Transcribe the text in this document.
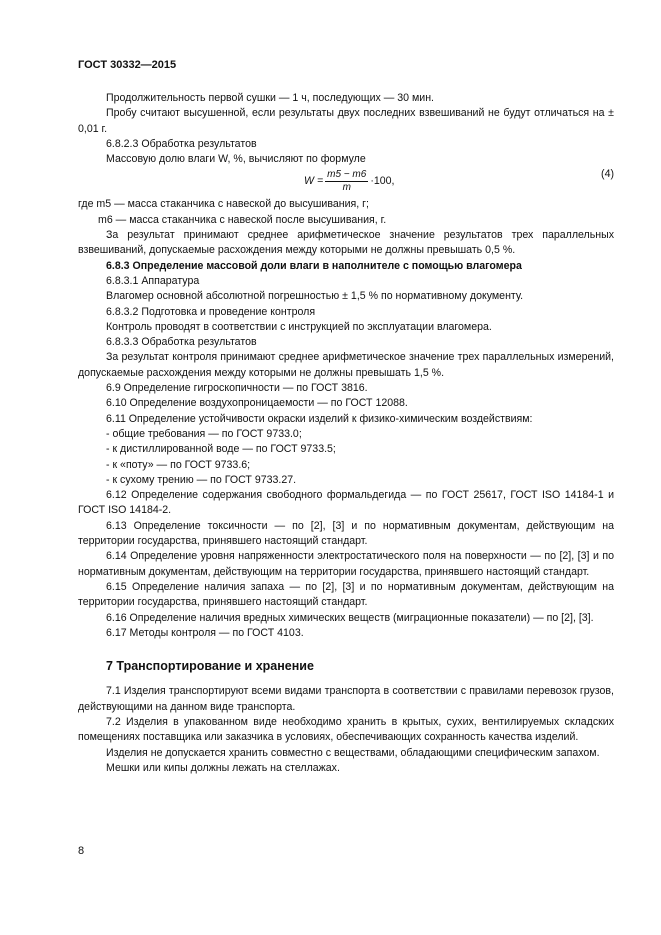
ГОСТ 30332—2015

Продолжительность первой сушки — 1 ч, последующих — 30 мин.

Пробу считают высушенной, если результаты двух последних взвешиваний не будут отличаться на ± 0,01 г.

6.8.2.3 Обработка результатов

Массовую долю влаги W, %, вычисляют по формуле

$W = \frac{m5 - m6}{m} \cdot 100$,
(4)

где m5 — масса стаканчика с навеской до высушивания, г;

m6 — масса стаканчика с навеской после высушивания, г.

За результат принимают среднее арифметическое значение результатов трех параллельных взвешиваний, допускаемые расхождения между которыми не должны превышать 0,5 %.

6.8.3 Определение массовой доли влаги в наполнителе с помощью влагомера

6.8.3.1 Аппаратура

Влагомер основной абсолютной погрешностью ± 1,5 % по нормативному документу.

6.8.3.2 Подготовка и проведение контроля

Контроль проводят в соответствии с инструкцией по эксплуатации влагомера.

6.8.3.3 Обработка результатов

За результат контроля принимают среднее арифметическое значение трех параллельных измерений, допускаемые расхождения между которыми не должны превышать 1,5 %.

6.9 Определение гигроскопичности — по ГОСТ 3816.

6.10 Определение воздухопроницаемости — по ГОСТ 12088.

6.11 Определение устойчивости окраски изделий к физико-химическим воздействиям:

- общие требования — по ГОСТ 9733.0;

- к дистиллированной воде — по ГОСТ 9733.5;

- к «поту» — по ГОСТ 9733.6;

- к сухому трению — по ГОСТ 9733.27.

6.12 Определение содержания свободного формальдегида — по ГОСТ 25617, ГОСТ ISO 14184-1 и ГОСТ ISO 14184-2.

6.13 Определение токсичности — по [2], [3] и по нормативным документам, действующим на территории государства, принявшего настоящий стандарт.

6.14 Определение уровня напряженности электростатического поля на поверхности — по [2], [3] и по нормативным документам, действующим на территории государства, принявшего настоящий стандарт.

6.15 Определение наличия запаха — по [2], [3] и по нормативным документам, действующим на территории государства, принявшего настоящий стандарт.

6.16 Определение наличия вредных химических веществ (миграционные показатели) — по [2], [3].

6.17 Методы контроля — по ГОСТ 4103.

7 Транспортирование и хранение

7.1 Изделия транспортируют всеми видами транспорта в соответствии с правилами перевозок грузов, действующими на данном виде транспорта.

7.2 Изделия в упакованном виде необходимо хранить в крытых, сухих, вентилируемых складских помещениях поставщика или заказчика в условиях, обеспечивающих сохранность качества изделий.

Изделия не допускается хранить совместно с веществами, обладающими специфическим запахом.

Мешки или кипы должны лежать на стеллажах.

8
